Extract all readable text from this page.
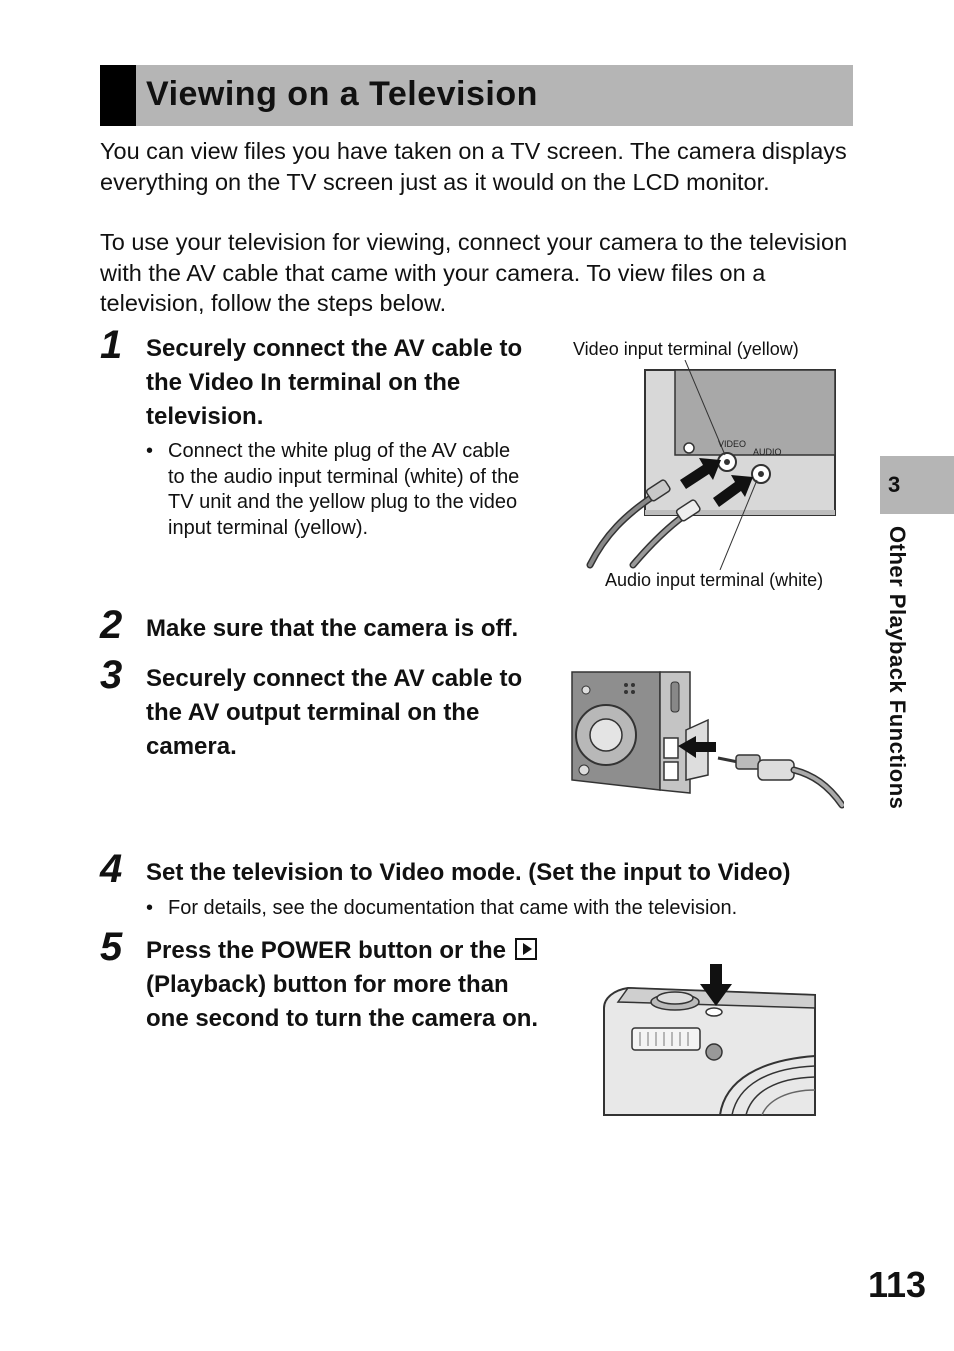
Viewing on a Television

You can view files you have taken on a TV screen. The camera displays everything on the TV screen just as it would on the LCD monitor.

To use your television for viewing, connect your camera to the television with the AV cable that came with your camera. To view files on a television, follow the steps below.

1 Securely connect the AV cable to the Video In terminal on the television.
• Connect the white plug of the AV cable to the audio input terminal (white) of the TV unit and the yellow plug to the video input terminal (yellow).
Video input terminal (yellow)
Audio input terminal (white)
VIDEO
AUDIO
2 Make sure that the camera is off.
3 Securely connect the AV cable to the AV output terminal on the camera.
4 Set the television to Video mode. (Set the input to Video)
• For details, see the documentation that came with the television.
5 Press the POWER button or the  (Playback) button for more than one second to turn the camera on.
3
Other Playback Functions
113
